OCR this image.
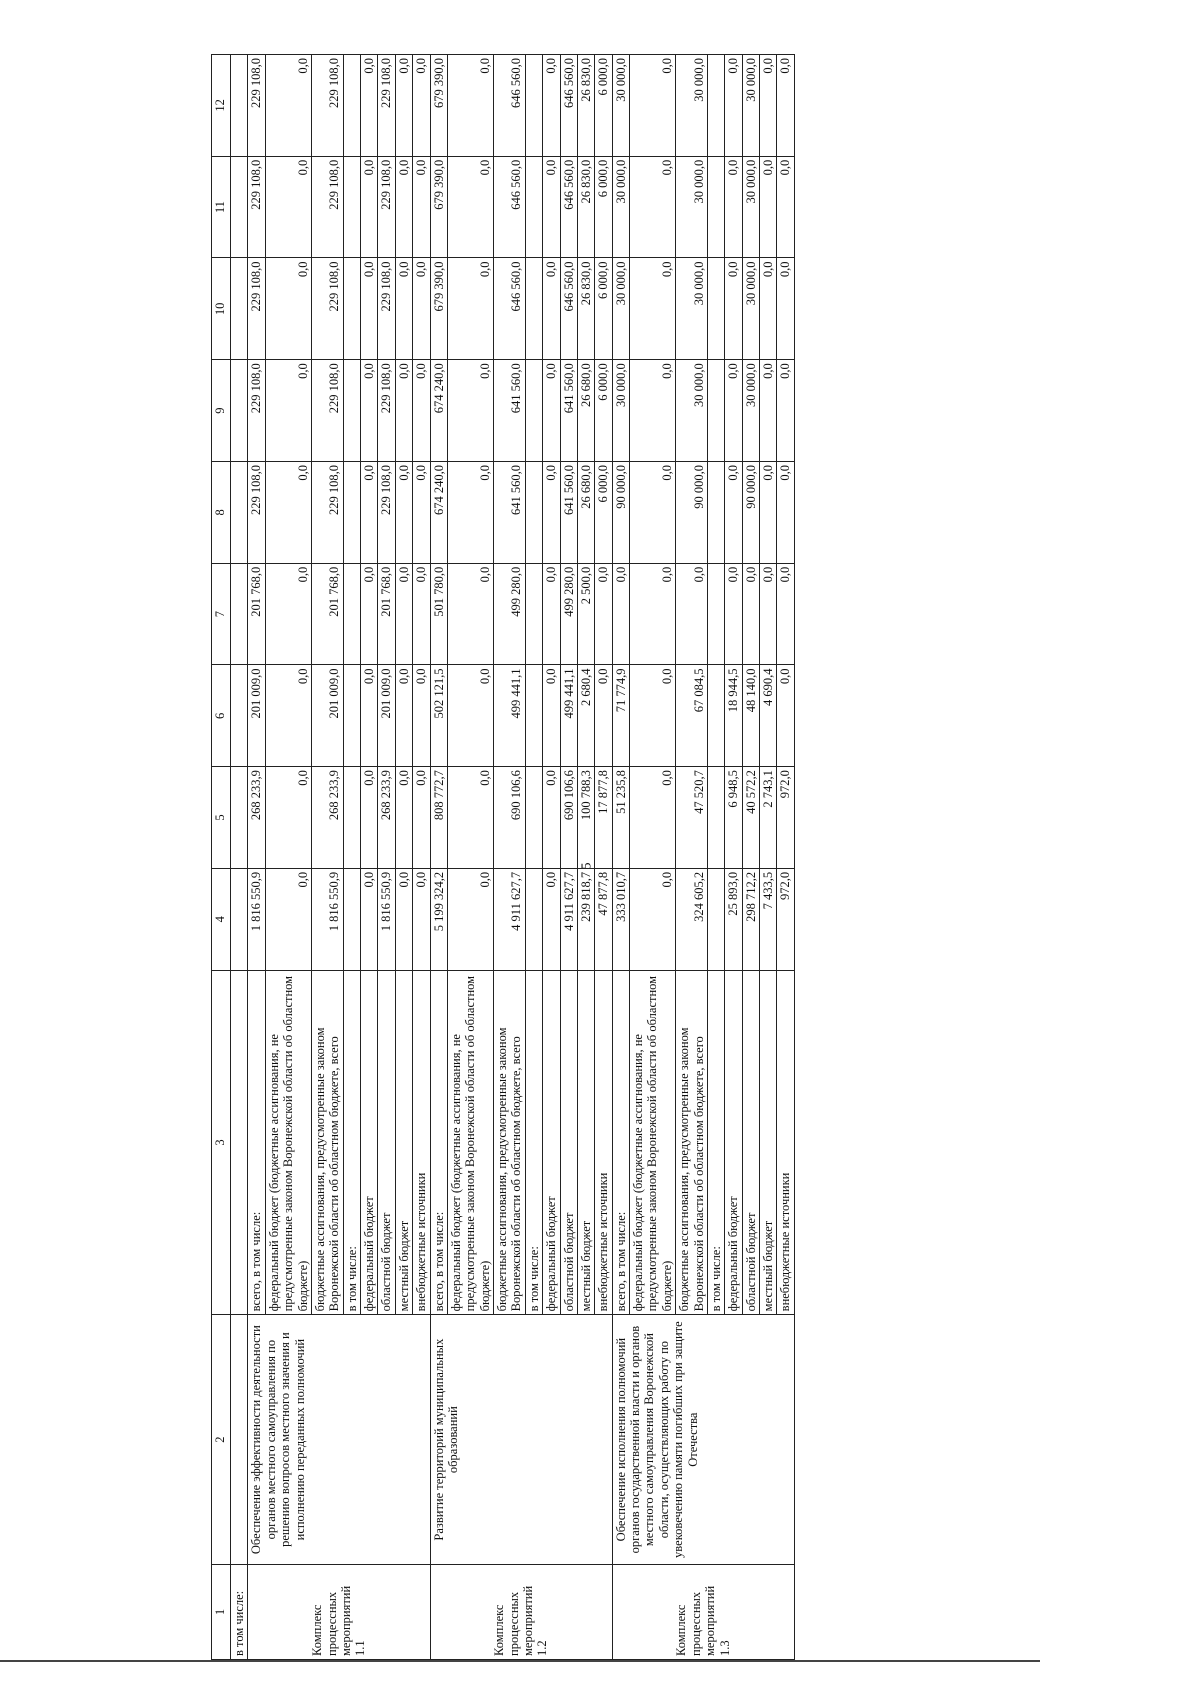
5
1	2	3	4	5	6	7	8	9	10	11	12
в том числе:											
Комплекс процессных мероприятий 1.1	Обеспечение эффективности деятельности органов местного самоуправления по решению вопросов местного значения и исполнению переданных полномочий	всего, в том числе:	1 816 550,9	268 233,9	201 009,0	201 768,0	229 108,0	229 108,0	229 108,0	229 108,0	229 108,0
		федеральный бюджет (бюджетные ассигнования, не предусмотренные законом Воронежской области об областном бюджете)	0,0	0,0	0,0	0,0	0,0	0,0	0,0	0,0	0,0
		бюджетные ассигнования, предусмотренные законом Воронежской области об областном бюджете, всего	1 816 550,9	268 233,9	201 009,0	201 768,0	229 108,0	229 108,0	229 108,0	229 108,0	229 108,0
		в том числе:									
		федеральный бюджет	0,0	0,0	0,0	0,0	0,0	0,0	0,0	0,0	0,0
		областной бюджет	1 816 550,9	268 233,9	201 009,0	201 768,0	229 108,0	229 108,0	229 108,0	229 108,0	229 108,0
		местный бюджет	0,0	0,0	0,0	0,0	0,0	0,0	0,0	0,0	0,0
		внебюджетные источники	0,0	0,0	0,0	0,0	0,0	0,0	0,0	0,0	0,0
Комплекс процессных мероприятий 1.2	Развитие территорий муниципальных образований	всего, в том числе:	5 199 324,2	808 772,7	502 121,5	501 780,0	674 240,0	674 240,0	679 390,0	679 390,0	679 390,0
		федеральный бюджет (бюджетные ассигнования, не предусмотренные законом Воронежской области об областном бюджете)	0,0	0,0	0,0	0,0	0,0	0,0	0,0	0,0	0,0
		бюджетные ассигнования, предусмотренные законом Воронежской области об областном бюджете, всего	4 911 627,7	690 106,6	499 441,1	499 280,0	641 560,0	641 560,0	646 560,0	646 560,0	646 560,0
		в том числе:									
		федеральный бюджет	0,0	0,0	0,0	0,0	0,0	0,0	0,0	0,0	0,0
		областной бюджет	4 911 627,7	690 106,6	499 441,1	499 280,0	641 560,0	641 560,0	646 560,0	646 560,0	646 560,0
		местный бюджет	239 818,7	100 788,3	2 680,4	2 500,0	26 680,0	26 680,0	26 830,0	26 830,0	26 830,0
		внебюджетные источники	47 877,8	17 877,8	0,0	0,0	6 000,0	6 000,0	6 000,0	6 000,0	6 000,0
Комплекс процессных мероприятий 1.3	Обеспечение исполнения полномочий органов государственной власти и органов местного самоуправления Воронежской области, осуществляющих работу по увековечению памяти погибших при защите Отечества	всего, в том числе:	333 010,7	51 235,8	71 774,9	0,0	90 000,0	30 000,0	30 000,0	30 000,0	30 000,0
		федеральный бюджет (бюджетные ассигнования, не предусмотренные законом Воронежской области об областном бюджете)	0,0	0,0	0,0	0,0	0,0	0,0	0,0	0,0	0,0
		бюджетные ассигнования, предусмотренные законом Воронежской области об областном бюджете, всего	324 605,2	47 520,7	67 084,5	0,0	90 000,0	30 000,0	30 000,0	30 000,0	30 000,0
		в том числе:									
		федеральный бюджет	25 893,0	6 948,5	18 944,5	0,0	0,0	0,0	0,0	0,0	0,0
		областной бюджет	298 712,2	40 572,2	48 140,0	0,0	90 000,0	30 000,0	30 000,0	30 000,0	30 000,0
		местный бюджет	7 433,5	2 743,1	4 690,4	0,0	0,0	0,0	0,0	0,0	0,0
		внебюджетные источники	972,0	972,0	0,0	0,0	0,0	0,0	0,0	0,0	0,0
